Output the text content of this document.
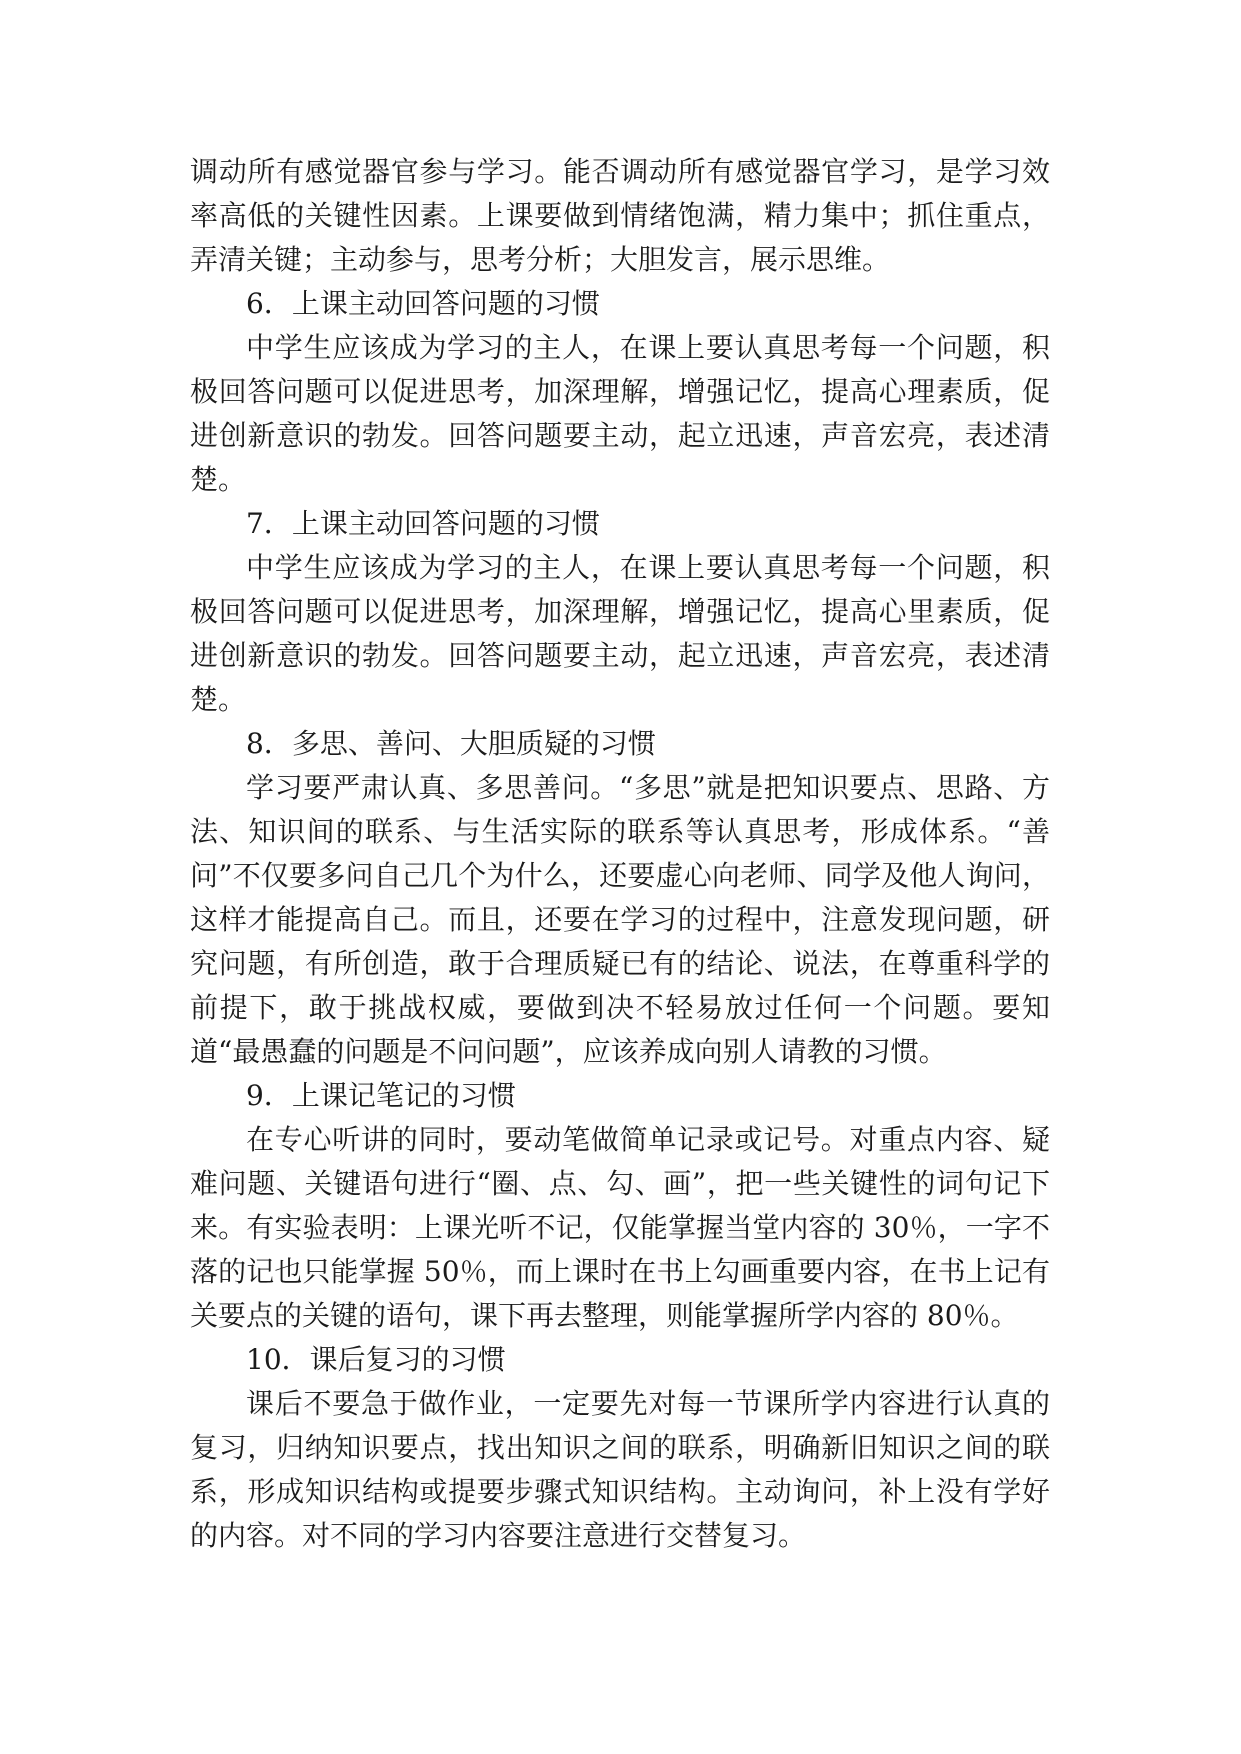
调动所有感觉器官参与学习。能否调动所有感觉器官学习，是学习效率高低的关键性因素。上课要做到情绪饱满，精力集中；抓住重点，弄清关键；主动参与，思考分析；大胆发言，展示思维。

6．上课主动回答问题的习惯

中学生应该成为学习的主人，在课上要认真思考每一个问题，积极回答问题可以促进思考，加深理解，增强记忆，提高心理素质，促进创新意识的勃发。回答问题要主动，起立迅速，声音宏亮，表述清楚。

7．上课主动回答问题的习惯

中学生应该成为学习的主人，在课上要认真思考每一个问题，积极回答问题可以促进思考，加深理解，增强记忆，提高心里素质，促进创新意识的勃发。回答问题要主动，起立迅速，声音宏亮，表述清楚。

8．多思、善问、大胆质疑的习惯

学习要严肃认真、多思善问。“多思”就是把知识要点、思路、方法、知识间的联系、与生活实际的联系等认真思考，形成体系。“善问”不仅要多问自己几个为什么，还要虚心向老师、同学及他人询问，这样才能提高自己。而且，还要在学习的过程中，注意发现问题，研究问题，有所创造，敢于合理质疑已有的结论、说法，在尊重科学的前提下，敢于挑战权威，要做到决不轻易放过任何一个问题。要知道“最愚蠢的问题是不问问题”，应该养成向别人请教的习惯。

9．上课记笔记的习惯

在专心听讲的同时，要动笔做简单记录或记号。对重点内容、疑难问题、关键语句进行“圈、点、勾、画”，把一些关键性的词句记下来。有实验表明：上课光听不记，仅能掌握当堂内容的 30％，一字不落的记也只能掌握 50％，而上课时在书上勾画重要内容，在书上记有关要点的关键的语句，课下再去整理，则能掌握所学内容的 80％。

10．课后复习的习惯

课后不要急于做作业，一定要先对每一节课所学内容进行认真的复习，归纳知识要点，找出知识之间的联系，明确新旧知识之间的联系，形成知识结构或提要步骤式知识结构。主动询问，补上没有学好的内容。对不同的学习内容要注意进行交替复习。
